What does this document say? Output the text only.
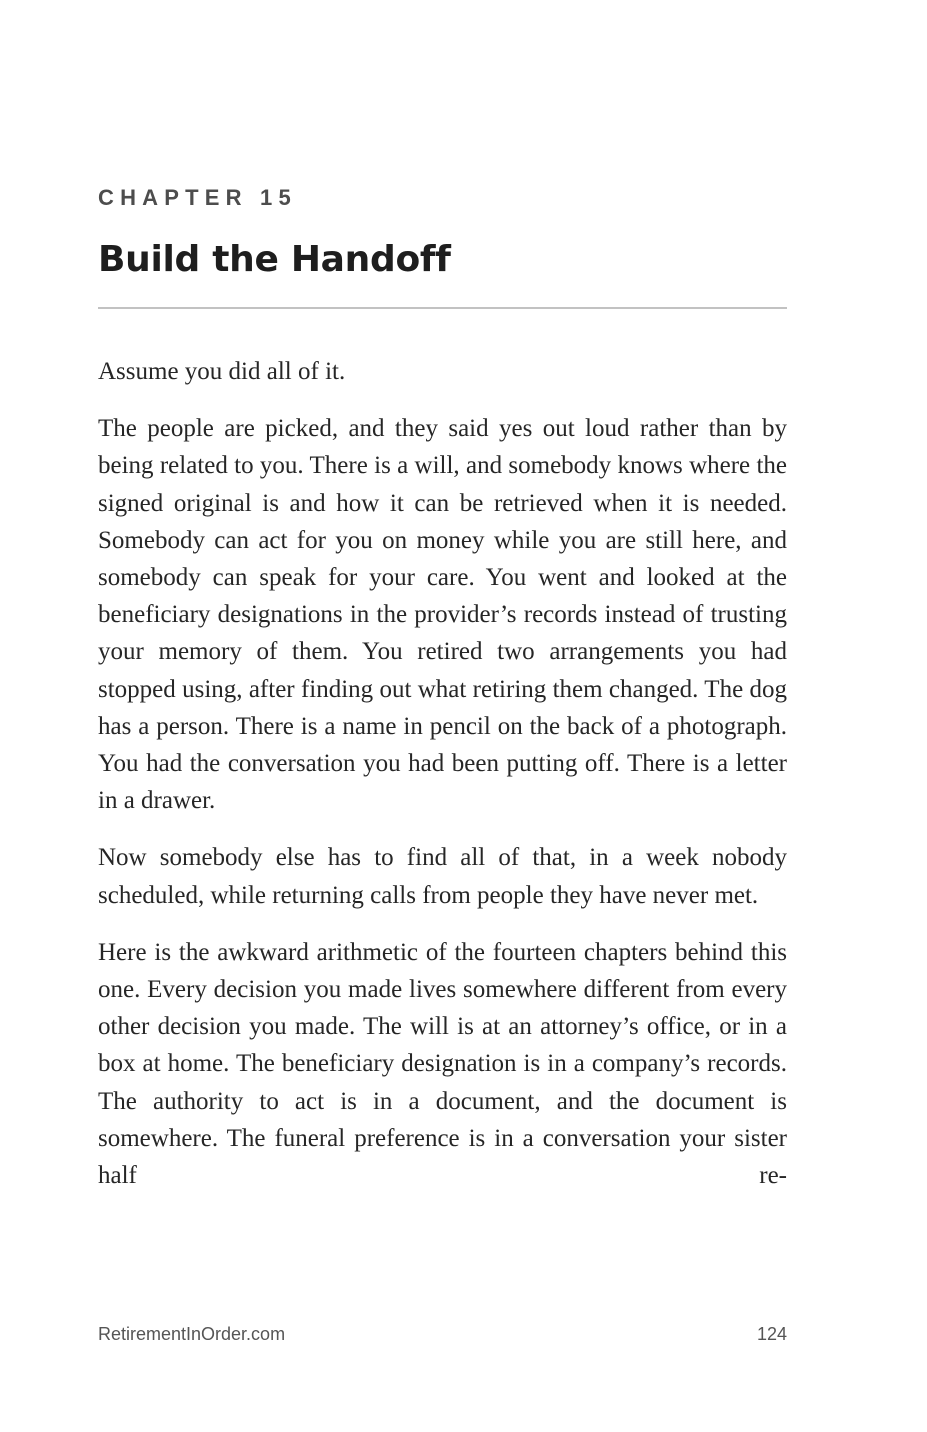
CHAPTER 15
Build the Handoff

Assume you did all of it.

The people are picked, and they said yes out loud rather than by being related to you. There is a will, and somebody knows where the signed original is and how it can be retrieved when it is needed. Somebody can act for you on money while you are still here, and somebody can speak for your care. You went and looked at the beneficiary designations in the provider’s records instead of trusting your memory of them. You retired two arrangements you had stopped using, after finding out what retiring them changed. The dog has a person. There is a name in pencil on the back of a photograph. You had the conversation you had been putting off. There is a letter in a drawer.

Now somebody else has to find all of that, in a week nobody scheduled, while returning calls from people they have never met.

Here is the awkward arithmetic of the fourteen chapters behind this one. Every decision you made lives somewhere different from every other decision you made. The will is at an attorney’s office, or in a box at home. The beneficiary designation is in a company’s records. The authority to act is in a document, and the document is somewhere. The funeral preference is in a conversation your sister half re-

RetirementInOrder.com	124
